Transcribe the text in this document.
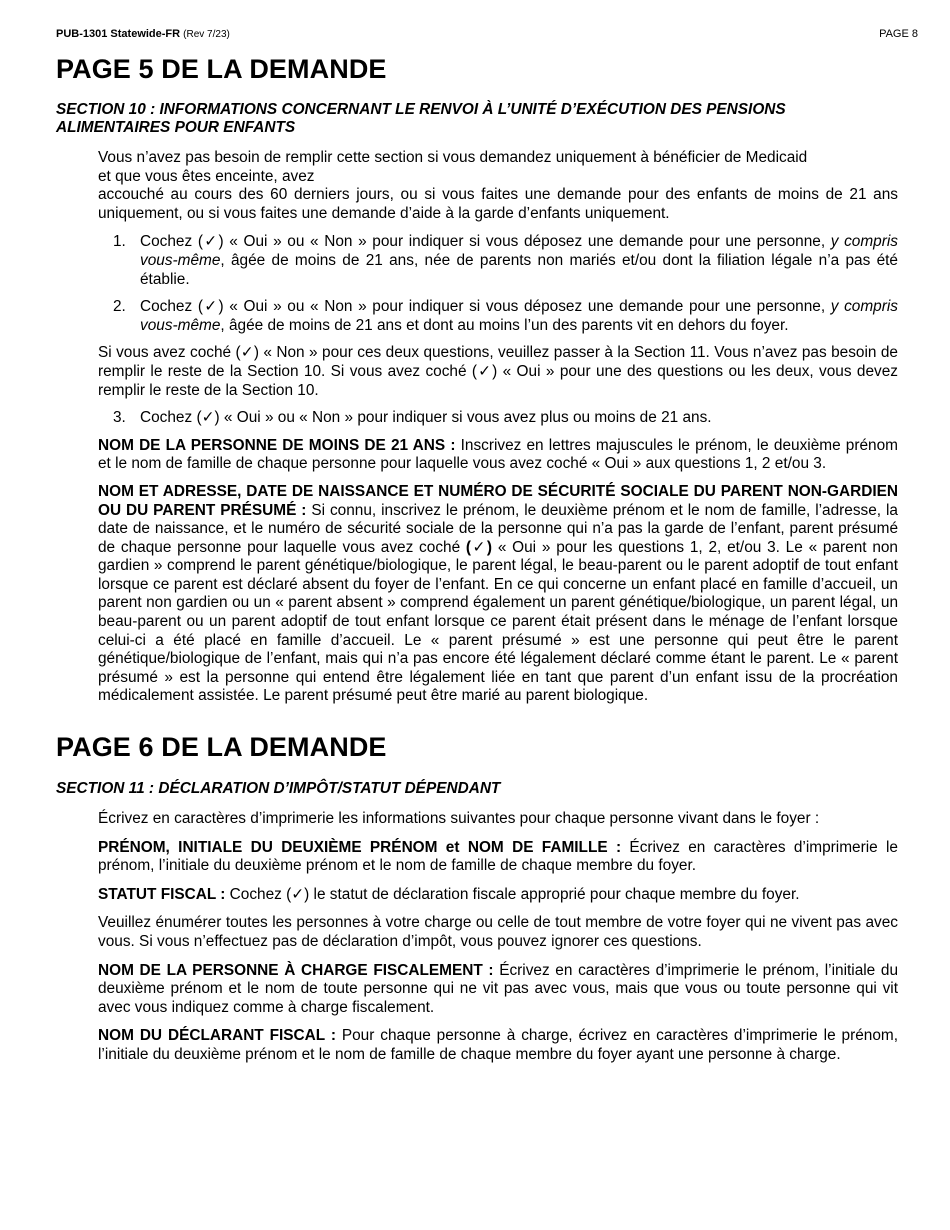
PUB-1301 Statewide-FR (Rev 7/23)	PAGE 8
PAGE 5 DE LA DEMANDE
SECTION 10 : INFORMATIONS CONCERNANT LE RENVOI À L’UNITÉ D’EXÉCUTION DES PENSIONS
ALIMENTAIRES POUR ENFANTS

Vous n’avez pas besoin de remplir cette section si vous demandez uniquement à bénéficier de Medicaid
et que vous êtes enceinte, avez

accouché au cours des 60 derniers jours, ou si vous faites une demande pour des enfants de moins de 21 ans uniquement, ou si vous faites une demande d’aide à la garde d’enfants uniquement.

1. Cochez (✓) « Oui » ou « Non » pour indiquer si vous déposez une demande pour une personne, y compris vous-même, âgée de moins de 21 ans, née de parents non mariés et/ou dont la filiation légale n’a pas été établie.
2. Cochez (✓) « Oui » ou « Non » pour indiquer si vous déposez une demande pour une personne, y compris vous-même, âgée de moins de 21 ans et dont au moins l’un des parents vit en dehors du foyer.

Si vous avez coché (✓) « Non » pour ces deux questions, veuillez passer à la Section 11. Vous n’avez pas besoin de remplir le reste de la Section 10. Si vous avez coché (✓) « Oui » pour une des questions ou les deux, vous devez remplir le reste de la Section 10.

3. Cochez (✓) « Oui » ou « Non » pour indiquer si vous avez plus ou moins de 21 ans.

NOM DE LA PERSONNE DE MOINS DE 21 ANS : Inscrivez en lettres majuscules le prénom, le deuxième prénom et le nom de famille de chaque personne pour laquelle vous avez coché « Oui » aux questions 1, 2 et/ou 3.

NOM ET ADRESSE, DATE DE NAISSANCE ET NUMÉRO DE SÉCURITÉ SOCIALE DU PARENT NON-GARDIEN OU DU PARENT PRÉSUMÉ : Si connu, inscrivez le prénom, le deuxième prénom et le nom de famille, l’adresse, la date de naissance, et le numéro de sécurité sociale de la personne qui n’a pas la garde de l’enfant, parent présumé de chaque personne pour laquelle vous avez coché (✓) « Oui » pour les questions 1, 2, et/ou 3. Le « parent non gardien » comprend le parent génétique/biologique, le parent légal, le beau-parent ou le parent adoptif de tout enfant lorsque ce parent est déclaré absent du foyer de l’enfant. En ce qui concerne un enfant placé en famille d’accueil, un parent non gardien ou un « parent absent » comprend également un parent génétique/biologique, un parent légal, un beau-parent ou un parent adoptif de tout enfant lorsque ce parent était présent dans le ménage de l’enfant lorsque celui-ci a été placé en famille d’accueil. Le « parent présumé » est une personne qui peut être le parent génétique/biologique de l’enfant, mais qui n’a pas encore été légalement déclaré comme étant le parent. Le « parent présumé » est la personne qui entend être légalement liée en tant que parent d’un enfant issu de la procréation médicalement assistée. Le parent présumé peut être marié au parent biologique.

PAGE 6 DE LA DEMANDE
SECTION 11 : DÉCLARATION D’IMPÔT/STATUT DÉPENDANT

Écrivez en caractères d’imprimerie les informations suivantes pour chaque personne vivant dans le foyer :

PRÉNOM, INITIALE DU DEUXIÈME PRÉNOM et NOM DE FAMILLE : Écrivez en caractères d’imprimerie le prénom, l’initiale du deuxième prénom et le nom de famille de chaque membre du foyer.

STATUT FISCAL : Cochez (✓) le statut de déclaration fiscale approprié pour chaque membre du foyer.

Veuillez énumérer toutes les personnes à votre charge ou celle de tout membre de votre foyer qui ne vivent pas avec vous. Si vous n’effectuez pas de déclaration d’impôt, vous pouvez ignorer ces questions.

NOM DE LA PERSONNE À CHARGE FISCALEMENT : Écrivez en caractères d’imprimerie le prénom, l’initiale du deuxième prénom et le nom de toute personne qui ne vit pas avec vous, mais que vous ou toute personne qui vit avec vous indiquez comme à charge fiscalement.

NOM DU DÉCLARANT FISCAL : Pour chaque personne à charge, écrivez en caractères d’imprimerie le prénom, l’initiale du deuxième prénom et le nom de famille de chaque membre du foyer ayant une personne à charge.
